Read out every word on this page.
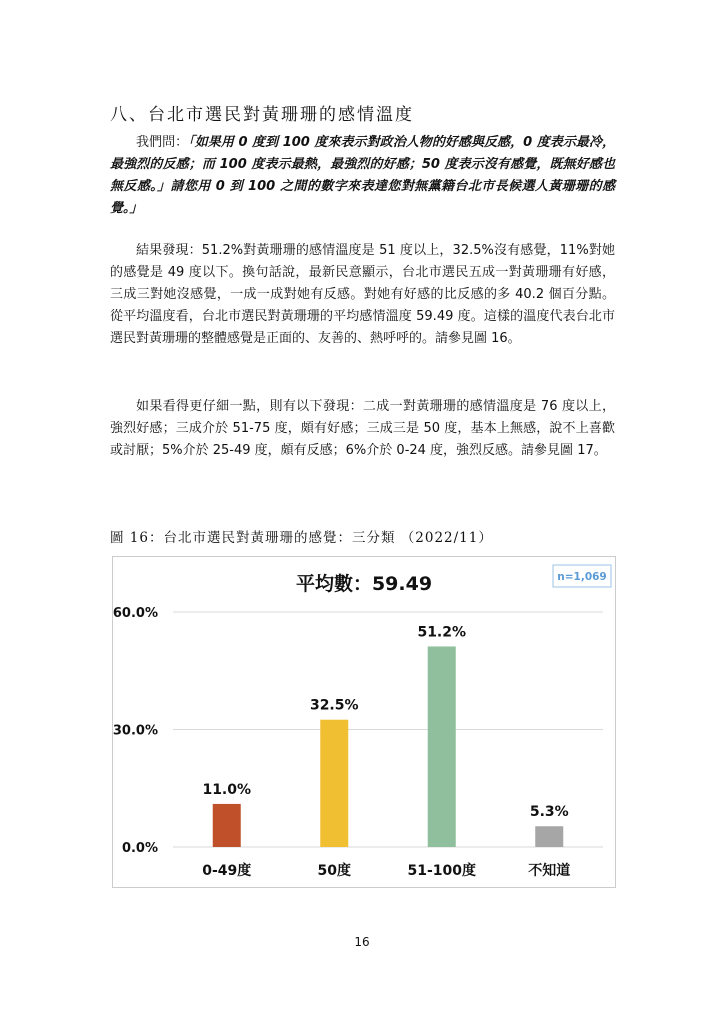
八、台北市選民對黃珊珊的感情溫度

我們問：「如果用 0 度到 100 度來表示對政治人物的好感與反感，0 度表示最冷，最強烈的反感；而 100 度表示最熱，最強烈的好感；50 度表示沒有感覺，既無好感也無反感。」請您用 0 到 100 之間的數字來表達您對無黨籍台北市長候選人黃珊珊的感覺。」

結果發現：51.2%對黃珊珊的感情溫度是 51 度以上，32.5%沒有感覺，11%對她的感覺是 49 度以下。換句話說，最新民意顯示，台北市選民五成一對黃珊珊有好感，三成三對她沒感覺，一成一成對她有反感。對她有好感的比反感的多 40.2 個百分點。從平均溫度看，台北市選民對黃珊珊的平均感情溫度 59.49 度。這樣的溫度代表台北市選民對黃珊珊的整體感覺是正面的、友善的、熱呼呼的。請參見圖 16。

如果看得更仔細一點，則有以下發現：二成一對黃珊珊的感情溫度是 76 度以上，強烈好感；三成介於 51-75 度，頗有好感；三成三是 50 度，基本上無感，說不上喜歡或討厭；5%介於 25-49 度，頗有反感；6%介於 0-24 度，強烈反感。請參見圖 17。

圖 16：台北市選民對黃珊珊的感覺：三分類 （2022/11）

平均數：59.49	n=1,069
0.0%
30.0%
60.0%
11.0%
0-49度
32.5%
50度
51.2%
51-100度
5.3%
不知道
16
